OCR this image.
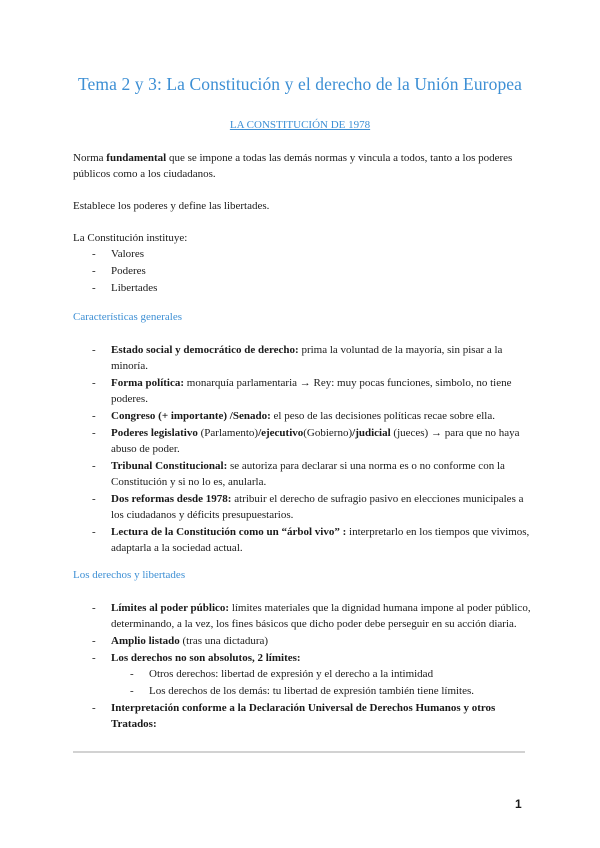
Tema 2 y 3: La Constitución y el derecho de la Unión Europea
LA CONSTITUCIÓN DE 1978
Norma fundamental que se impone a todas las demás normas y vincula a todos, tanto a los poderes públicos como a los ciudadanos.
Establece los poderes y define las libertades.
La Constitución instituye:
- Valores
- Poderes
- Libertades
Características generales
- Estado social y democrático de derecho: prima la voluntad de la mayoría, sin pisar a la minoría.
- Forma política: monarquía parlamentaria → Rey: muy pocas funciones, simbolo, no tiene poderes.
- Congreso (+ importante) /Senado: el peso de las decisiones políticas recae sobre ella.
- Poderes legislativo (Parlamento)/ejecutivo(Gobierno)/judicial (jueces) → para que no haya abuso de poder.
- Tribunal Constitucional: se autoriza para declarar si una norma es o no conforme con la Constitución y si no lo es, anularla.
- Dos reformas desde 1978: atribuir el derecho de sufragio pasivo en elecciones municipales a los ciudadanos y déficits presupuestarios.
- Lectura de la Constitución como un “árbol vivo” : interpretarlo en los tiempos que vivimos, adaptarla a la sociedad actual.
Los derechos y libertades
- Límites al poder público: límites materiales que la dignidad humana impone al poder público, determinando, a la vez, los fines básicos que dicho poder debe perseguir en su acción diaria.
- Amplio listado (tras una dictadura)
- Los derechos no son absolutos, 2 límites:
- Otros derechos: libertad de expresión y el derecho a la intimidad
- Los derechos de los demás: tu libertad de expresión también tiene límites.
- Interpretación conforme a la Declaración Universal de Derechos Humanos y otros Tratados:
1
